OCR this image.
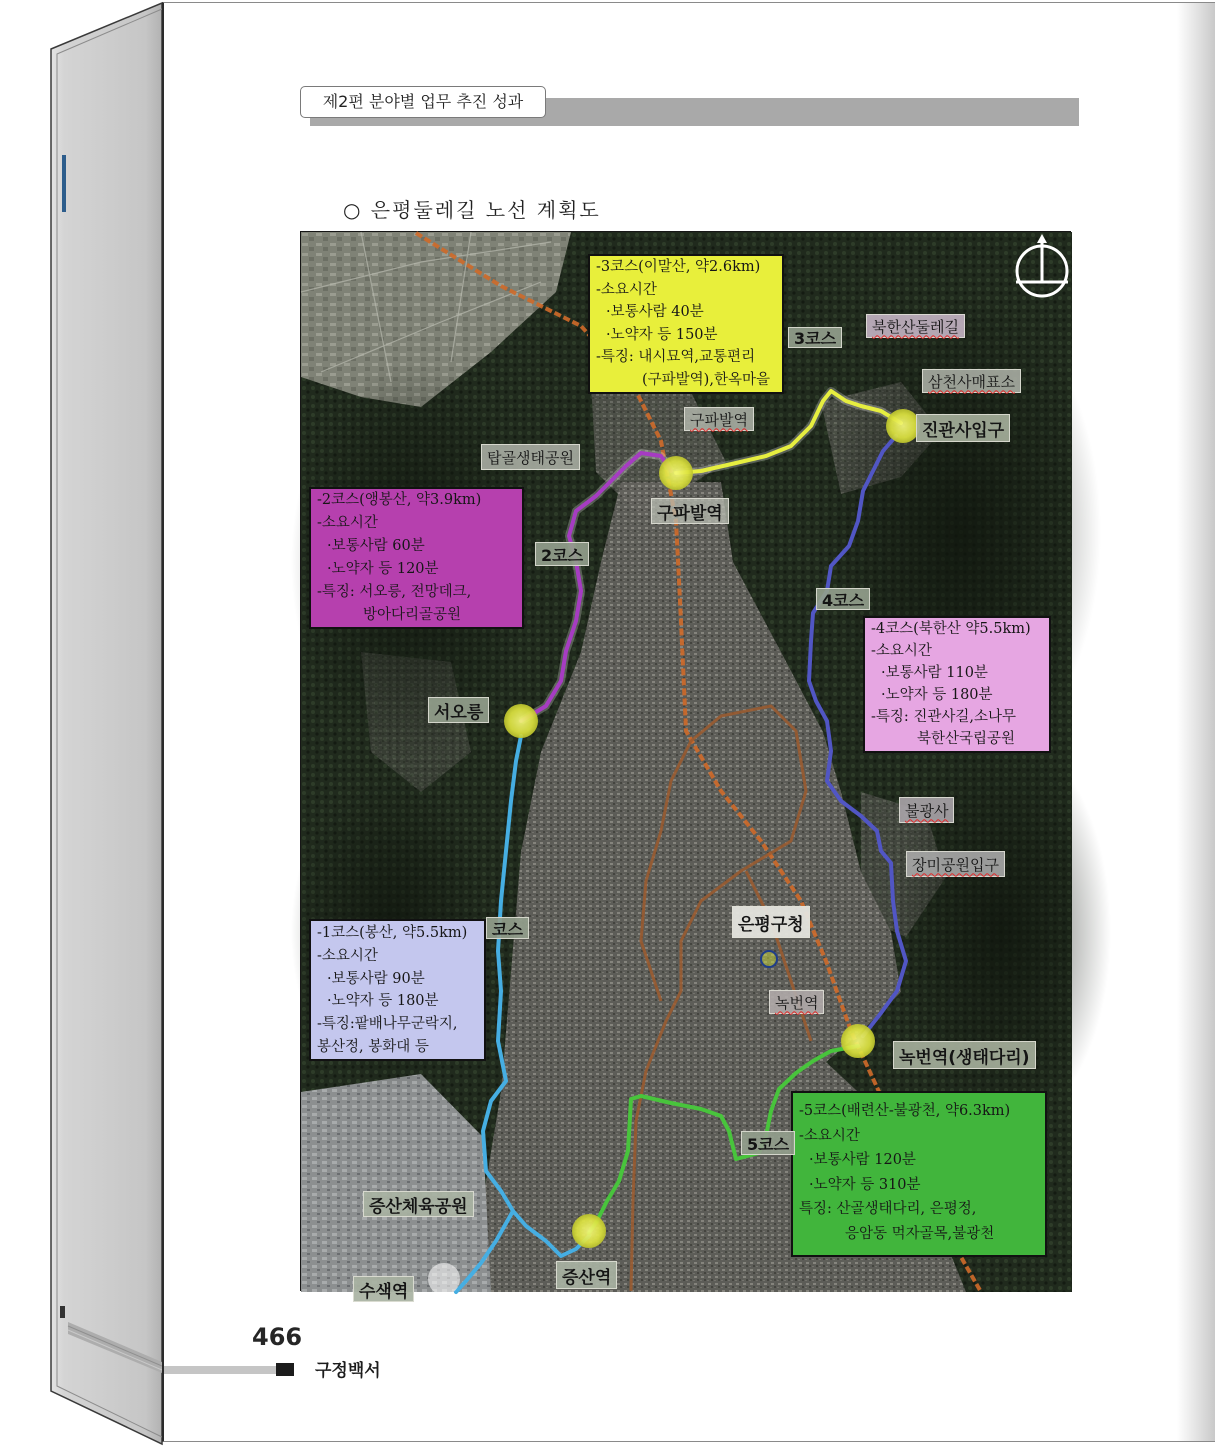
제2편 분야별 업무 추진 성과
○ 은평둘레길 노선 계획도
-3코스(이말산, 약2.6km)
-소요시간
·보통사람 40분
·노약자 등 150분
-특징: 내시묘역,교통편리
(구파발역),한옥마을
-2코스(앵봉산, 약3.9km)
-소요시간
·보통사람 60분
·노약자 등 120분
-특징: 서오릉, 전망데크,
방아다리골공원
-4코스(북한산 약5.5km)
-소요시간
·보통사람 110분
·노약자 등 180분
-특징: 진관사길,소나무
북한산국립공원
-1코스(봉산, 약5.5km)
-소요시간
·보통사람 90분
·노약자 등 180분
-특징:팥배나무군락지,
봉산정, 봉화대 등
-5코스(배련산-불광천, 약6.3km)
-소요시간
·보통사람 120분
·노약자 등 310분
특징: 산골생태다리, 은평정,
응암동 먹자골목,불광천
3코스
2코스
4코스
코스
5코스
북한산둘레길
삼천사매표소
진관사입구
구파발역
탑골생태공원
구파발역
서오릉
불광사
장미공원입구
은평구청
녹번역
녹번역(생태다리)
증산체육공원
증산역
수색역
466
구정백서
